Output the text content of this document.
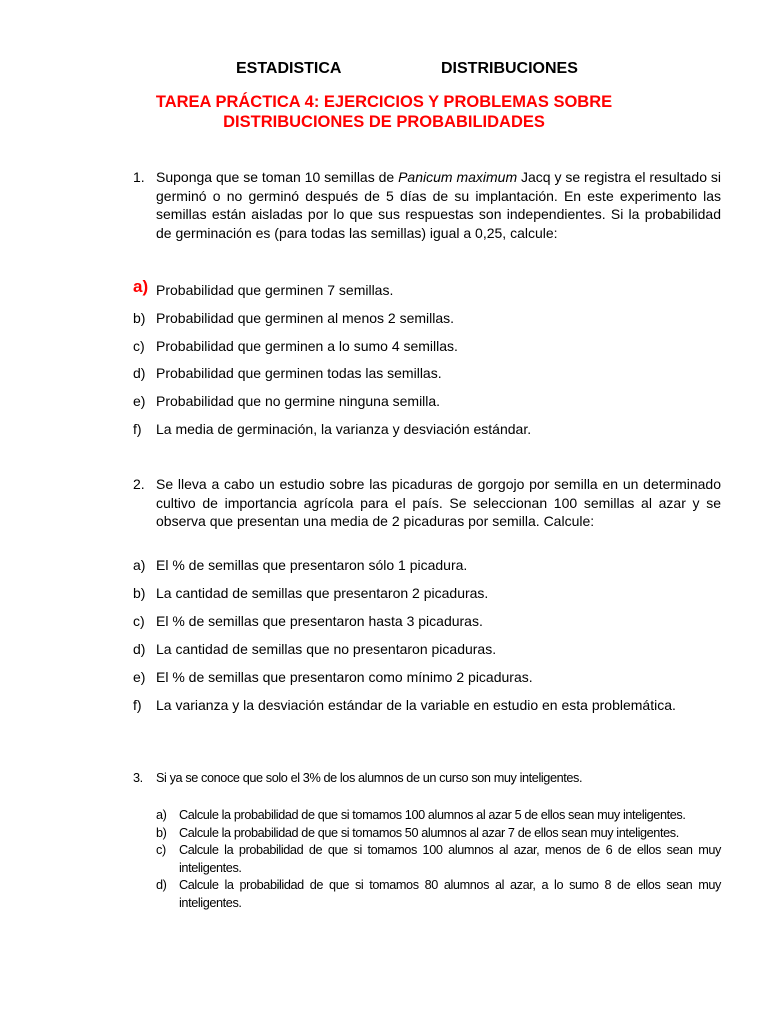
ESTADISTICA	DISTRIBUCIONES
TAREA PRÁCTICA 4: EJERCICIOS Y PROBLEMAS SOBRE
DISTRIBUCIONES DE PROBABILIDADES
1. Suponga que se toman 10 semillas de Panicum maximum Jacq y se registra el resultado si germinó o no germinó después de 5 días de su implantación. En este experimento las semillas están aisladas por lo que sus respuestas son independientes. Si la probabilidad de germinación es (para todas las semillas) igual a 0,25, calcule:
a) Probabilidad que germinen 7 semillas.
b) Probabilidad que germinen al menos 2 semillas.
c) Probabilidad que germinen a lo sumo 4 semillas.
d) Probabilidad que germinen todas las semillas.
e) Probabilidad que no germine ninguna semilla.
f) La media de germinación, la varianza y desviación estándar.
2. Se lleva a cabo un estudio sobre las picaduras de gorgojo por semilla en un determinado cultivo de importancia agrícola para el país. Se seleccionan 100 semillas al azar y se observa que presentan una media de 2 picaduras por semilla. Calcule:
a) El % de semillas que presentaron sólo 1 picadura.
b) La cantidad de semillas que presentaron 2 picaduras.
c) El % de semillas que presentaron hasta 3 picaduras.
d) La cantidad de semillas que no presentaron picaduras.
e) El % de semillas que presentaron como mínimo 2 picaduras.
f) La varianza y la desviación estándar de la variable en estudio en esta problemática.
3. Si ya se conoce que solo el 3% de los alumnos de un curso son muy inteligentes.
a) Calcule la probabilidad de que si tomamos 100 alumnos al azar 5 de ellos sean muy inteligentes.
b) Calcule la probabilidad de que si tomamos 50 alumnos al azar 7 de ellos sean muy inteligentes.
c) Calcule la probabilidad de que si tomamos 100 alumnos al azar, menos de 6 de ellos sean muy inteligentes.
d) Calcule la probabilidad de que si tomamos 80 alumnos al azar, a lo sumo 8 de ellos sean muy inteligentes.
